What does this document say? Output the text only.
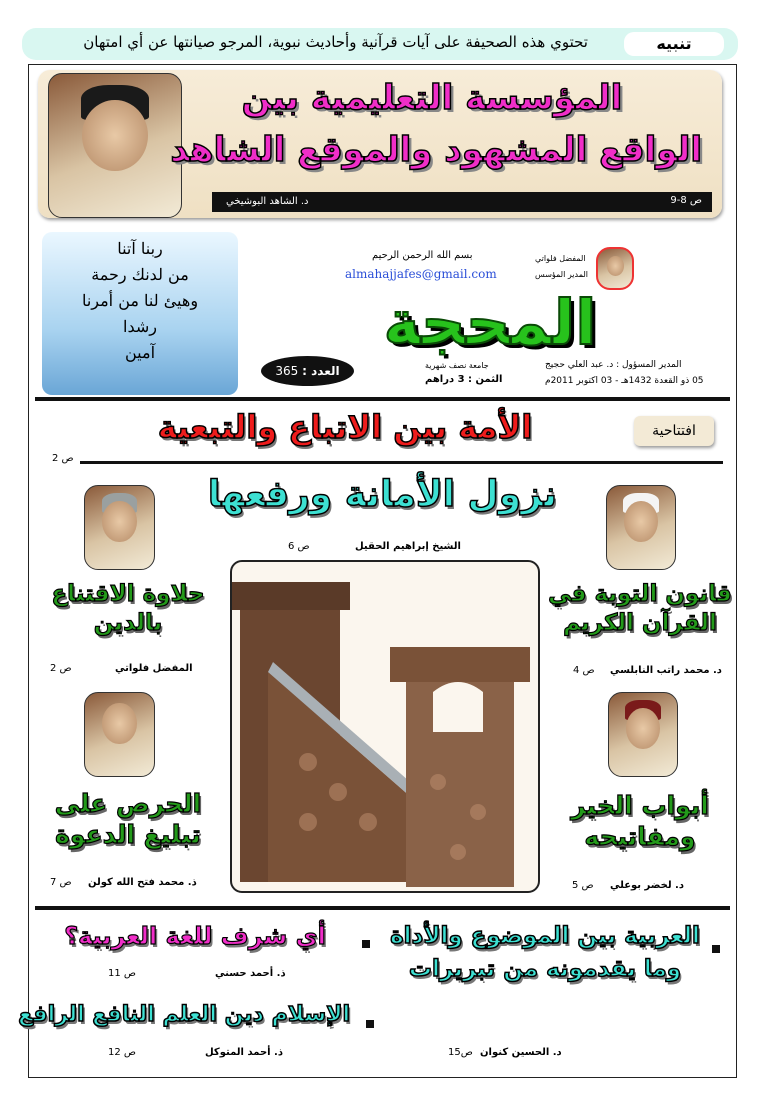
تنبيه
تحتوي هذه الصحيفة على آيات قرآنية وأحاديث نبوية، المرجو صيانتها عن أي امتهان
المؤسسة التعليمية بين
الواقع المشهود والموقع الشاهد
ص 8-9
د. الشاهد البوشيخي
ربنا آتنا
من لدنك رحمة
وهيئ لنا من أمرنا
رشدا
آمين	المحجة
بسم الله الرحمن الرحيم
almahajjafes@gmail.com
المفضل فلواتي
المدير المؤسس
العدد : 365	جامعة نصف شهرية
الثمن : 3 دراهم
المدير المسؤول : د. عبد العلي حجيج
05 ذو القعدة 1432هـ - 03 اكتوبر 2011م
افتتاحية
الأمة بين الاتباع والتبعية
ص 2
نزول الأمانة ورفعها
الشيخ إبراهيم الحقيل
ص 6
قانون التوبة في القرآن الكريم
د. محمد راتب النابلسي
ص 4
أبواب الخير ومفاتيحه
د. لخضر بوعلي
ص 5
حلاوة الاقتناع بالدين
المفضل فلواتي
ص 2
الحرص على تبليغ الدعوة
ذ. محمد فتح الله كولن
ص 7
العربية بين الموضوع والأداة وما يقدمونه من تبريرات
د. الحسين كنوان
ص15
أي شرف للغة العربية؟
ذ. أحمد حسني
ص 11
الإسلام دين العلم النافع الرافع
ذ. أحمد المتوكل
ص 12
